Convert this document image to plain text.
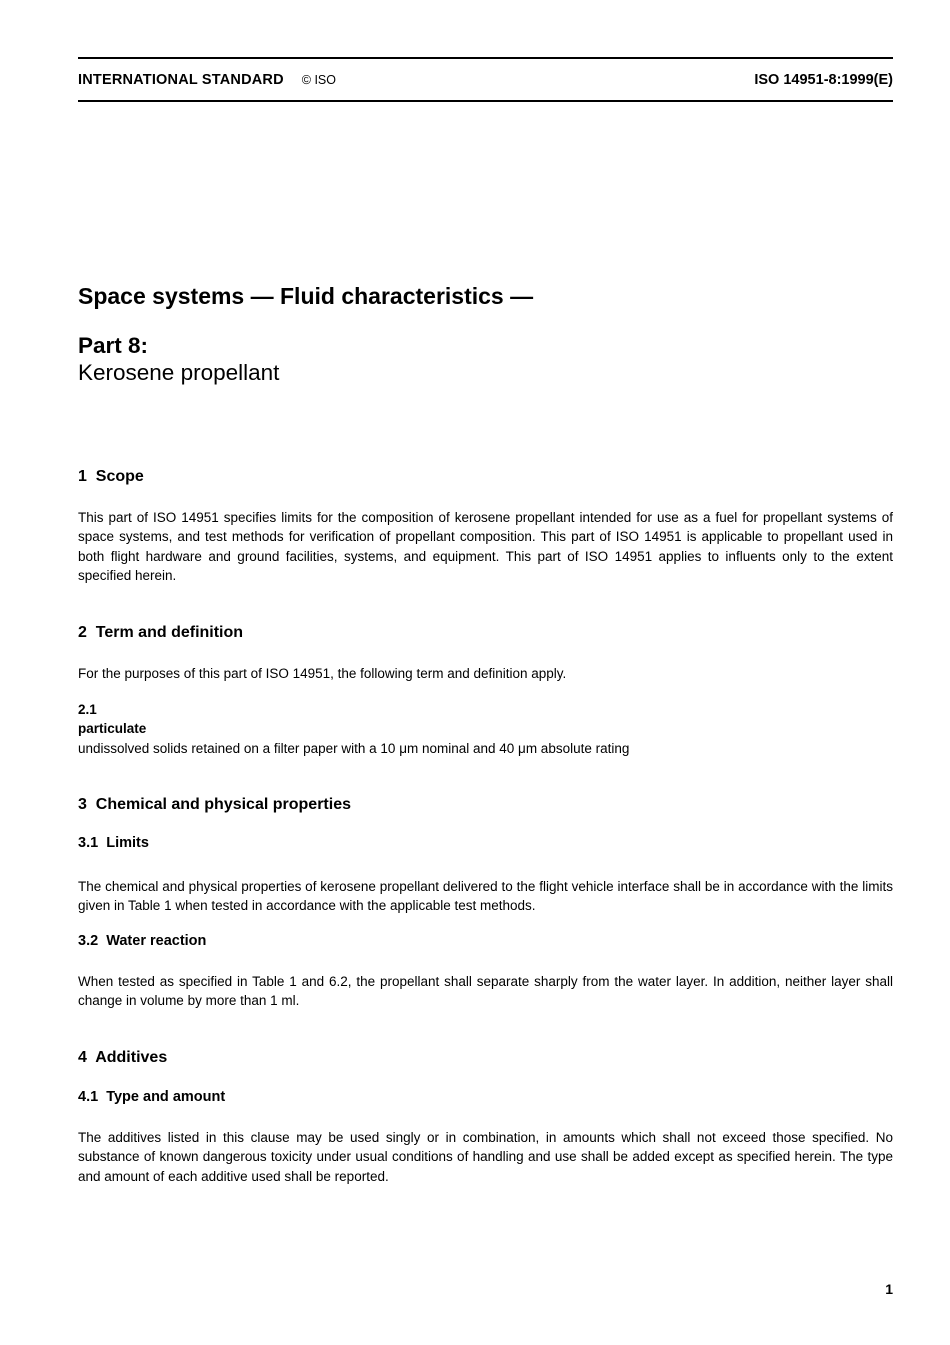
INTERNATIONAL STANDARD © ISO	ISO 14951-8:1999(E)
Space systems — Fluid characteristics —
Part 8:
Kerosene propellant
1  Scope

This part of ISO 14951 specifies limits for the composition of kerosene propellant intended for use as a fuel for propellant systems of space systems, and test methods for verification of propellant composition. This part of ISO 14951 is applicable to propellant used in both flight hardware and ground facilities, systems, and equipment. This part of ISO 14951 applies to influents only to the extent specified herein.

2  Term and definition

For the purposes of this part of ISO 14951, the following term and definition apply.

2.1
particulate
undissolved solids retained on a filter paper with a 10 μm nominal and 40 μm absolute rating
3  Chemical and physical properties
3.1  Limits

The chemical and physical properties of kerosene propellant delivered to the flight vehicle interface shall be in accordance with the limits given in Table 1 when tested in accordance with the applicable test methods.

3.2  Water reaction

When tested as specified in Table 1 and 6.2, the propellant shall separate sharply from the water layer. In addition, neither layer shall change in volume by more than 1 ml.

4  Additives
4.1  Type and amount

The additives listed in this clause may be used singly or in combination, in amounts which shall not exceed those specified. No substance of known dangerous toxicity under usual conditions of handling and use shall be added except as specified herein. The type and amount of each additive used shall be reported.

1
